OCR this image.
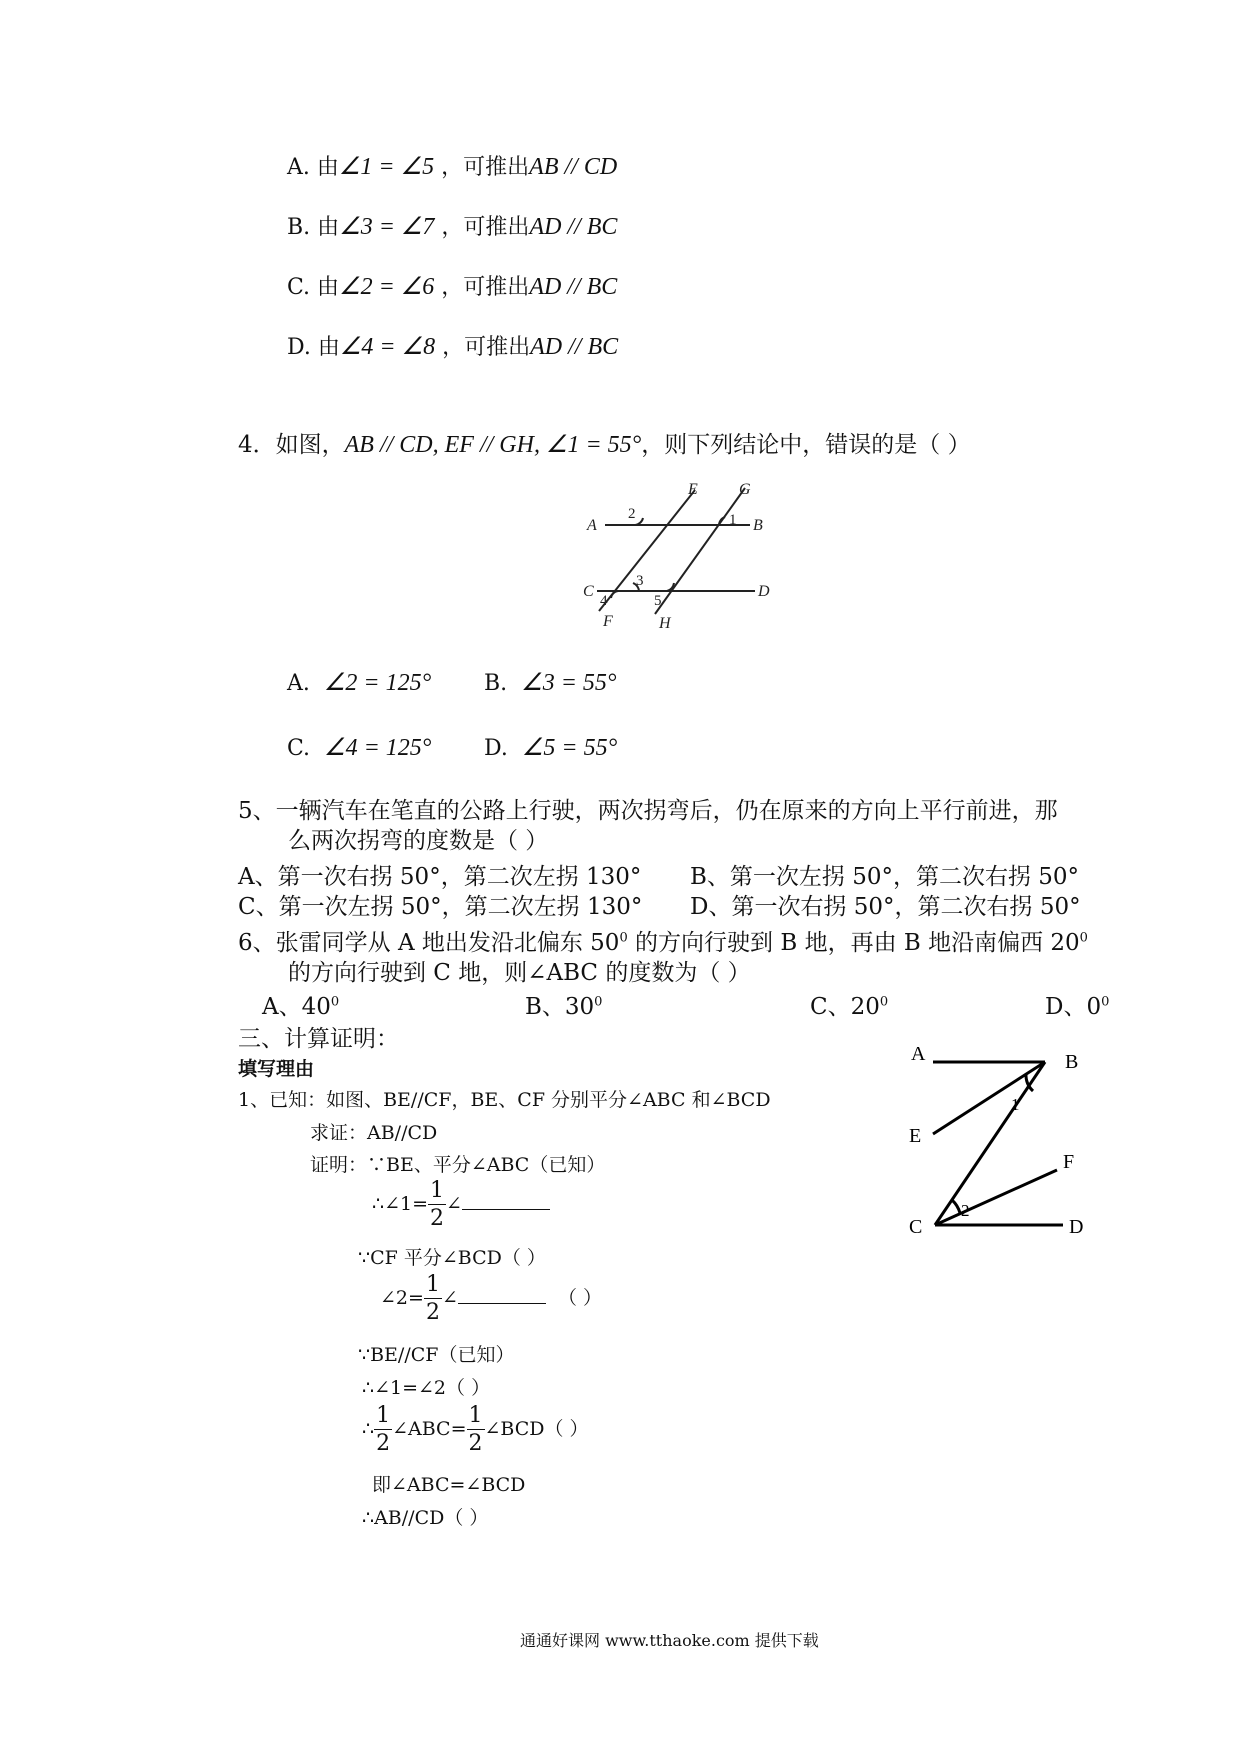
A. 由∠1 = ∠5 ，可推出AB // CD
B. 由∠3 = ∠7 ，可推出AD // BC
C. 由∠2 = ∠6 ，可推出AD // BC
D. 由∠4 = ∠8 ，可推出AD // BC
4．如图，AB // CD, EF // GH, ∠1 = 55°，则下列结论中，错误的是（ ）
A	B
C	D
E
F
G
H
1
2
3
4	5
A. ∠2 = 125° B. ∠3 = 55°
C. ∠4 = 125° D. ∠5 = 55°
5、一辆汽车在笔直的公路上行驶，两次拐弯后，仍在原来的方向上平行前进，那
么两次拐弯的度数是（ ）
A、第一次右拐 50°，第二次左拐 130° B、第一次左拐 50°，第二次右拐 50°
C、第一次左拐 50°，第二次左拐 130° D、第一次右拐 50°，第二次右拐 50°
6、张雷同学从 A 地出发沿北偏东 $50^0$ 的方向行驶到 B 地，再由 B 地沿南偏西 $20^0$
的方向行驶到 C 地，则∠ABC 的度数为（ ）
A、$40^0$	B、$30^0$	C、$20^0$	D、$0^0$
三、计算证明：
填写理由
1、已知：如图、BE//CF，BE、CF 分别平分∠ABC 和∠BCD
求证：AB//CD
证明：∵BE、平分∠ABC（已知）
∴∠1= $\frac{1}{2}$ ∠
∵CF 平分∠BCD（ ）
∠2= $\frac{1}{2}$ ∠	（ ）
∵BE//CF（已知）
∴∠1=∠2（ ）
∴ $\frac{1}{2}$ ∠ABC= $\frac{1}{2}$ ∠BCD（ ）
即∠ABC=∠BCD
∴AB//CD（ ）
A	B
C	D
E
F
1
2
通通好课网 www.tthaoke.com 提供下载
